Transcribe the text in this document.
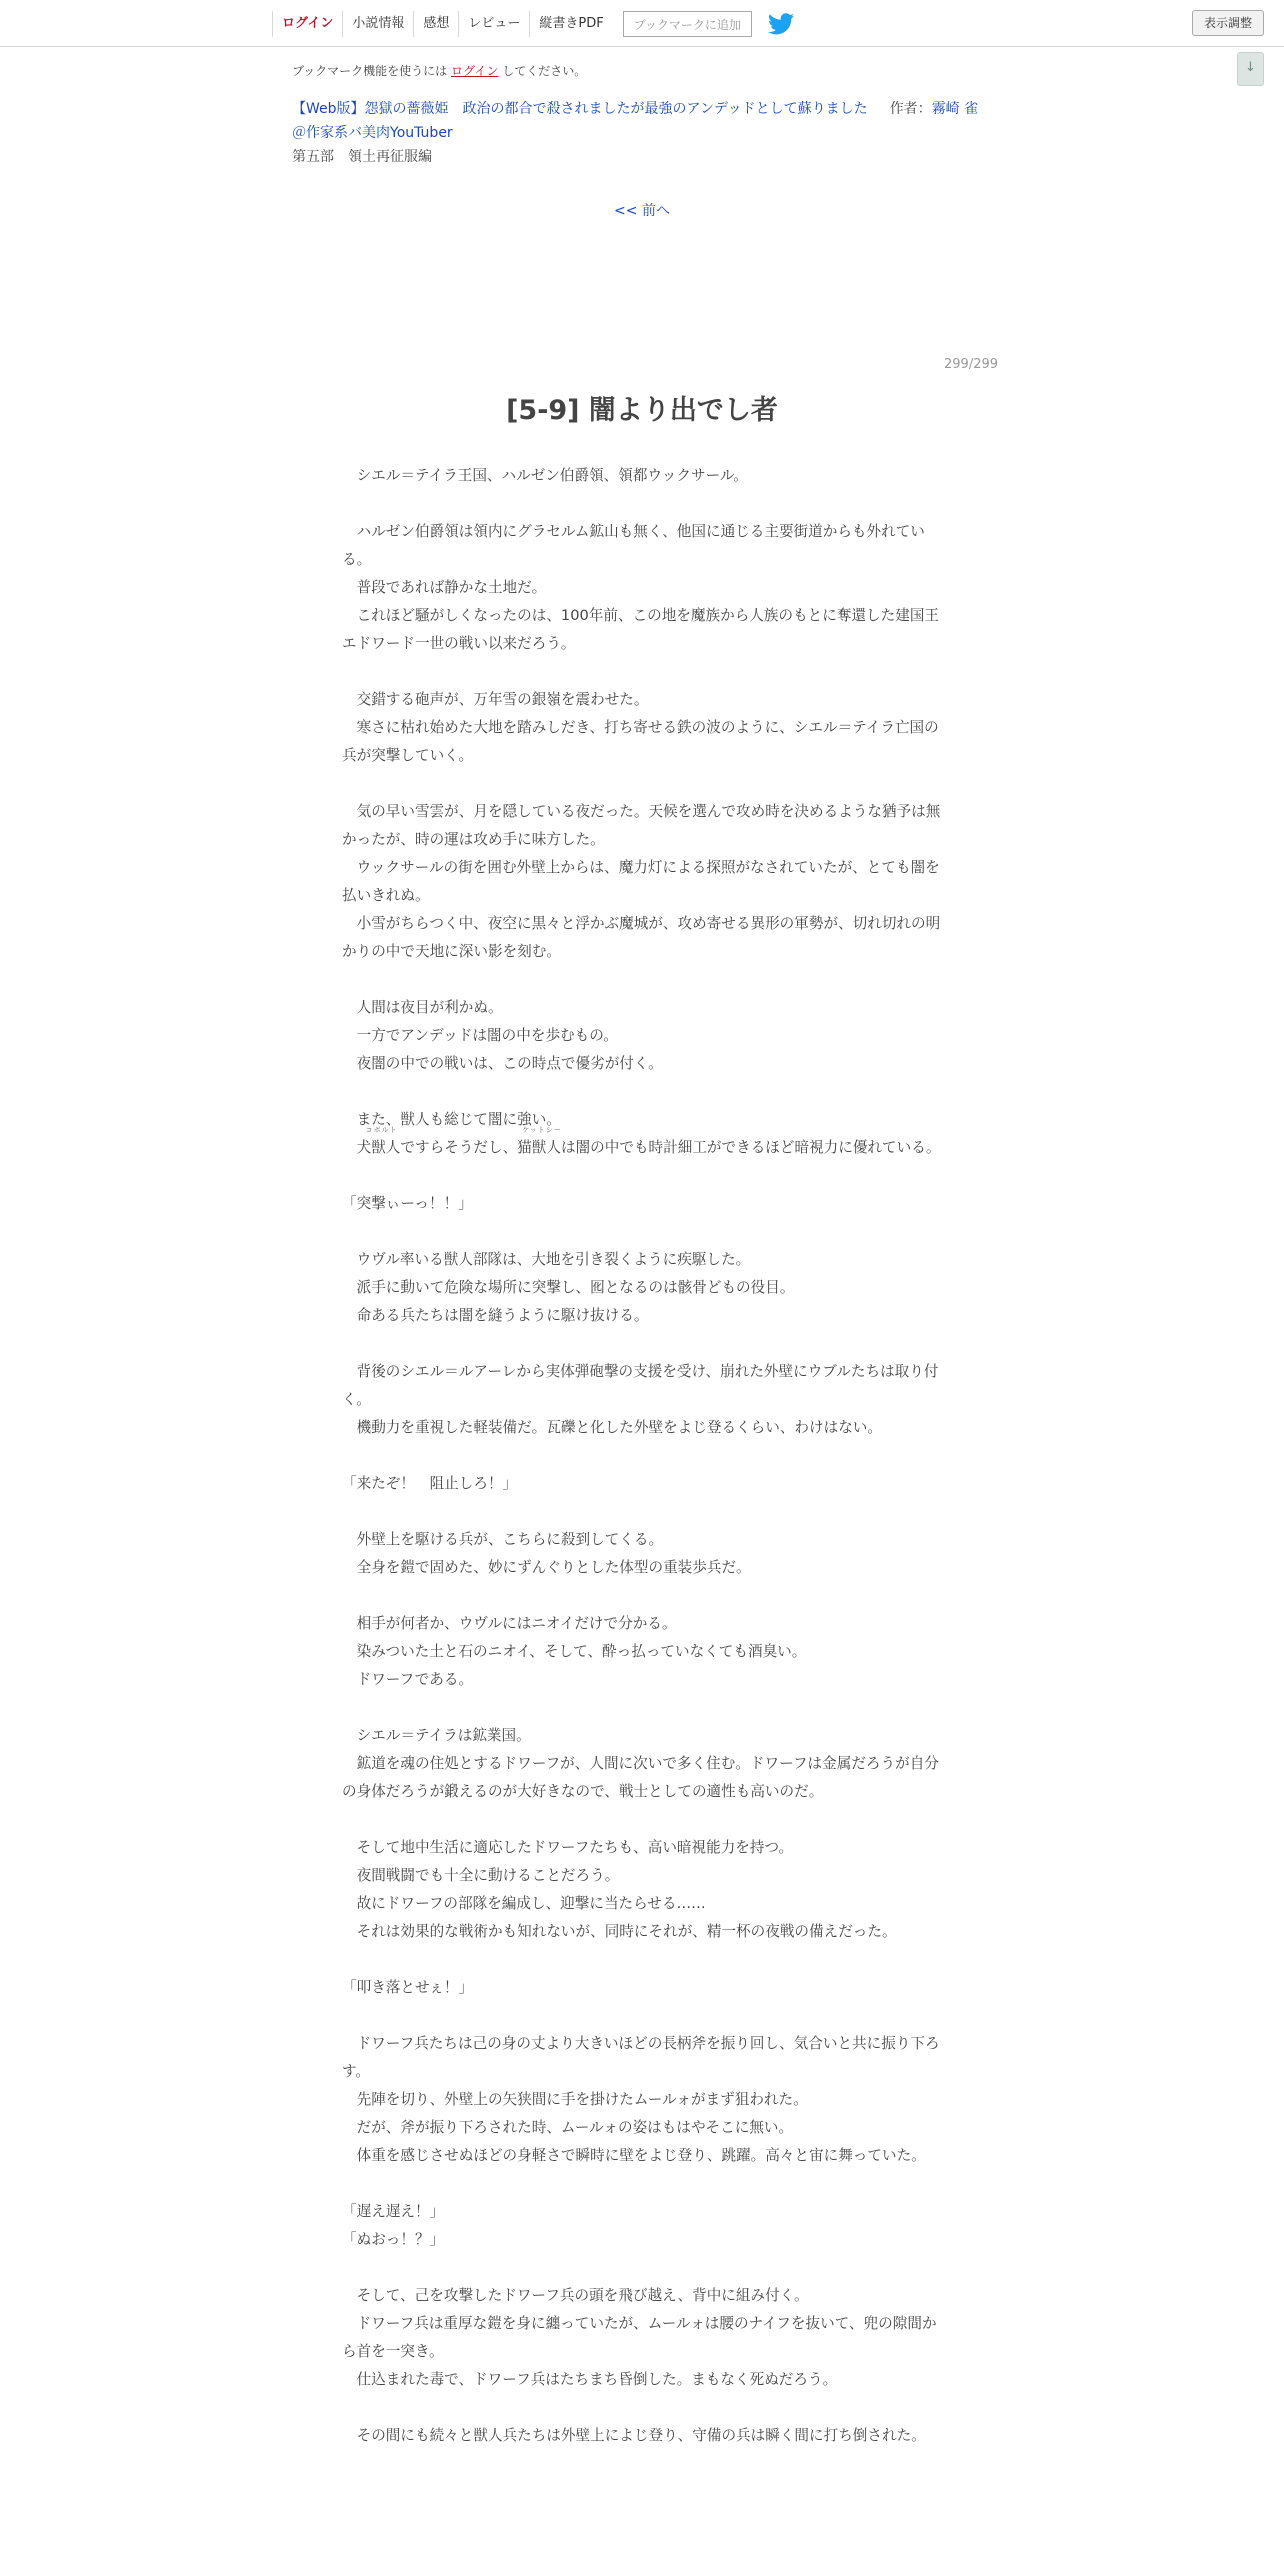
ログイン	小説情報	感想	レビュー	縦書きPDF	ブックマークに追加	表示調整
↓
ブックマーク機能を使うには ログイン してください。
【Web版】怨獄の薔薇姫　政治の都合で殺されましたが最強のアンデッドとして蘇りました 作者：霧崎 雀
＠作家系バ美肉YouTuber
第五部　領土再征服編
<< 前へ
299/299
[5-9] 闇より出でし者

　シエル＝テイラ王国、ハルゼン伯爵領、領都ウックサール。

　ハルゼン伯爵領は領内にグラセルム鉱山も無く、他国に通じる主要街道からも外れている。

　普段であれば静かな土地だ。

　これほど騒がしくなったのは、100年前、この地を魔族から人族のもとに奪還した建国王エドワード一世の戦い以来だろう。

　交錯する砲声が、万年雪の銀嶺を震わせた。

　寒さに枯れ始めた大地を踏みしだき、打ち寄せる鉄の波のように、シエル＝テイラ亡国の兵が突撃していく。

　気の早い雪雲が、月を隠している夜だった。天候を選んで攻め時を決めるような猶予は無かったが、時の運は攻め手に味方した。

　ウックサールの街を囲む外壁上からは、魔力灯による探照がなされていたが、とても闇を払いきれぬ。

　小雪がちらつく中、夜空に黒々と浮かぶ魔城が、攻め寄せる異形の軍勢が、切れ切れの明かりの中で天地に深い影を刻む。

　人間は夜目が利かぬ。

　一方でアンデッドは闇の中を歩むもの。

　夜闇の中での戦いは、この時点で優劣が付く。

　また、獣人も総じて闇に強い。

コボルト
犬獣人ですらそうだし、
ケットシー
猫獣人は闇の中でも時計細工ができるほど暗視力に優れている。

「突撃ぃーっ！！」

　ウヴル率いる獣人部隊は、大地を引き裂くように疾駆した。

　派手に動いて危険な場所に突撃し、囮となるのは骸骨どもの役目。

　命ある兵たちは闇を縫うように駆け抜ける。

　背後のシエル＝ルアーレから実体弾砲撃の支援を受け、崩れた外壁にウブルたちは取り付く。

　機動力を重視した軽装備だ。瓦礫と化した外壁をよじ登るくらい、わけはない。

「来たぞ！　阻止しろ！」

　外壁上を駆ける兵が、こちらに殺到してくる。

　全身を鎧で固めた、妙にずんぐりとした体型の重装歩兵だ。

　相手が何者か、ウヴルにはニオイだけで分かる。

　染みついた土と石のニオイ、そして、酔っ払っていなくても酒臭い。

　ドワーフである。

　シエル＝テイラは鉱業国。

　鉱道を魂の住処とするドワーフが、人間に次いで多く住む。ドワーフは金属だろうが自分の身体だろうが鍛えるのが大好きなので、戦士としての適性も高いのだ。

　そして地中生活に適応したドワーフたちも、高い暗視能力を持つ。

　夜間戦闘でも十全に動けることだろう。

　故にドワーフの部隊を編成し、迎撃に当たらせる……

　それは効果的な戦術かも知れないが、同時にそれが、精一杯の夜戦の備えだった。

「叩き落とせぇ！」

　ドワーフ兵たちは己の身の丈より大きいほどの長柄斧を振り回し、気合いと共に振り下ろす。

　先陣を切り、外壁上の矢狭間に手を掛けたムールォがまず狙われた。

　だが、斧が振り下ろされた時、ムールォの姿はもはやそこに無い。

　体重を感じさせぬほどの身軽さで瞬時に壁をよじ登り、跳躍。高々と宙に舞っていた。

「遅え遅え！」

「ぬおっ！？」

　そして、己を攻撃したドワーフ兵の頭を飛び越え、背中に組み付く。

　ドワーフ兵は重厚な鎧を身に纏っていたが、ムールォは腰のナイフを抜いて、兜の隙間から首を一突き。

　仕込まれた毒で、ドワーフ兵はたちまち昏倒した。まもなく死ぬだろう。

　その間にも続々と獣人兵たちは外壁上によじ登り、守備の兵は瞬く間に打ち倒された。
